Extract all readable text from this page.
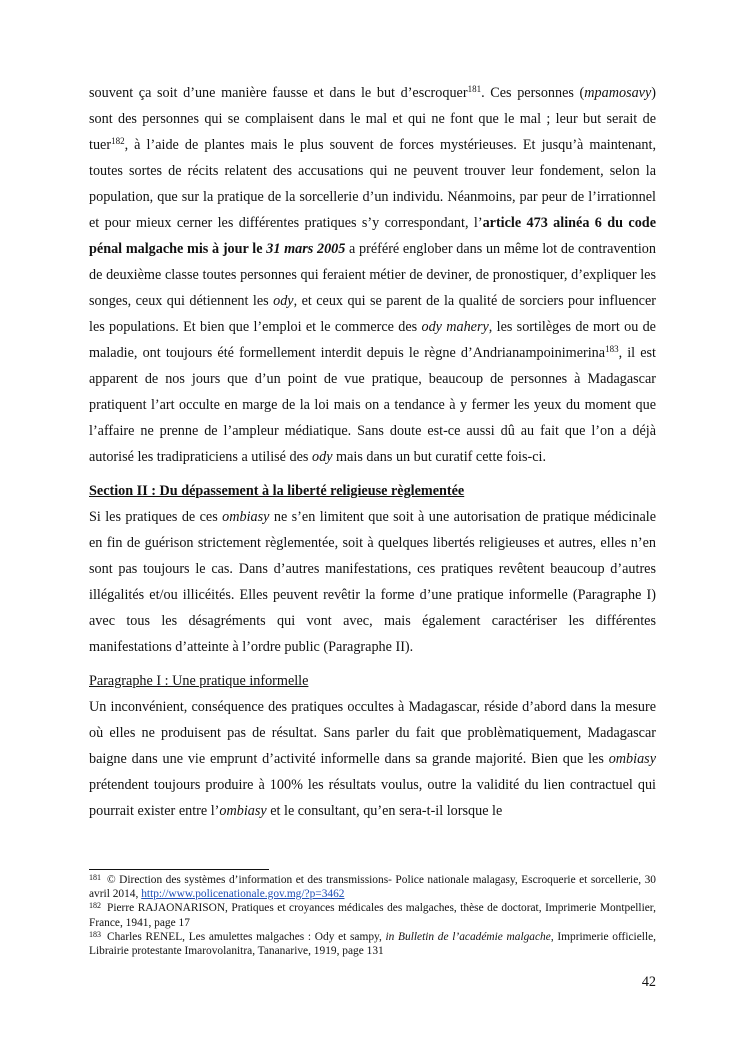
souvent ça soit d’une manière fausse et dans le but d’escroquer$^{181}$. Ces personnes (mpamosavy) sont des personnes qui se complaisent dans le mal et qui ne font que le mal ; leur but serait de tuer$^{182}$, à l’aide de plantes mais le plus souvent de forces mystérieuses. Et jusqu’à maintenant, toutes sortes de récits relatent des accusations qui ne peuvent trouver leur fondement, selon la population, que sur la pratique de la sorcellerie d’un individu. Néanmoins, par peur de l’irrationnel et pour mieux cerner les différentes pratiques s’y correspondant, l’article 473 alinéa 6 du code pénal malgache mis à jour le 31 mars 2005 a préféré englober dans un même lot de contravention de deuxième classe toutes personnes qui feraient métier de deviner, de pronostiquer, d’expliquer les songes, ceux qui détiennent les ody, et ceux qui se parent de la qualité de sorciers pour influencer les populations. Et bien que l’emploi et le commerce des ody mahery, les sortilèges de mort ou de maladie, ont toujours été formellement interdit depuis le règne d’Andrianampoinimerina$^{183}$, il est apparent de nos jours que d’un point de vue pratique, beaucoup de personnes à Madagascar pratiquent l’art occulte en marge de la loi mais on a tendance à y fermer les yeux du moment que l’affaire ne prenne de l’ampleur médiatique. Sans doute est-ce aussi dû au fait que l’on a déjà autorisé les tradipraticiens a utilisé des ody mais dans un but curatif cette fois-ci.

Section II : Du dépassement à la liberté religieuse règlementée

Si les pratiques de ces ombiasy ne s’en limitent que soit à une autorisation de pratique médicinale en fin de guérison strictement règlementée, soit à quelques libertés religieuses et autres, elles n’en sont pas toujours le cas. Dans d’autres manifestations, ces pratiques revêtent beaucoup d’autres illégalités et/ou illicéités. Elles peuvent revêtir la forme d’une pratique informelle (Paragraphe I) avec tous les désagréments qui vont avec, mais également caractériser les différentes manifestations d’atteinte à l’ordre public (Paragraphe II).

Paragraphe I : Une pratique informelle

Un inconvénient, conséquence des pratiques occultes à Madagascar, réside d’abord dans la mesure où elles ne produisent pas de résultat. Sans parler du fait que problèmatiquement, Madagascar baigne dans une vie emprunt d’activité informelle dans sa grande majorité. Bien que les ombiasy prétendent toujours produire à 100% les résultats voulus, outre la validité du lien contractuel qui pourrait exister entre l’ombiasy et le consultant, qu’en sera-t-il lorsque le

$^{181}$ © Direction des systèmes d’information et des transmissions- Police nationale malagasy, Escroquerie et sorcellerie, 30 avril 2014, http://www.policenationale.gov.mg/?p=3462

$^{182}$ Pierre RAJAONARISON, Pratiques et croyances médicales des malgaches, thèse de doctorat, Imprimerie Montpellier, France, 1941, page 17

$^{183}$ Charles RENEL, Les amulettes malgaches : Ody et sampy, in Bulletin de l’académie malgache, Imprimerie officielle, Librairie protestante Imarovolanitra, Tananarive, 1919, page 131

42
